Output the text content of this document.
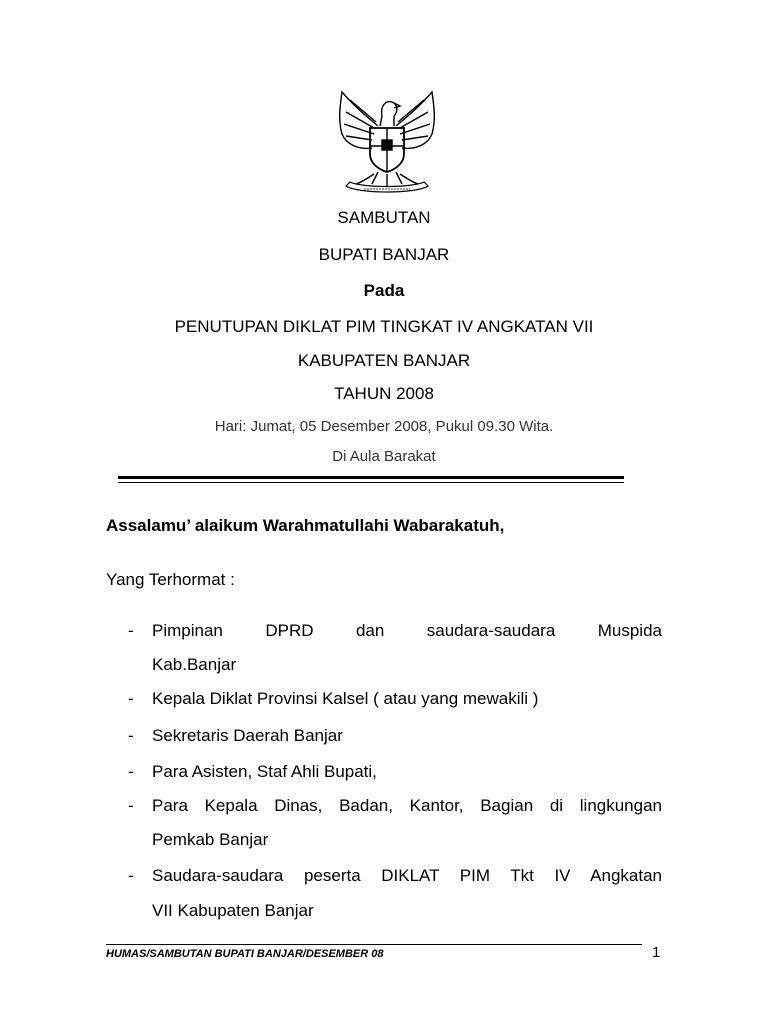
SAMBUTAN
BUPATI BANJAR
Pada
PENUTUPAN DIKLAT PIM TINGKAT IV ANGKATAN VII
KABUPATEN BANJAR
TAHUN 2008
Hari: Jumat, 05 Desember 2008, Pukul 09.30 Wita.
Di Aula Barakat
Assalamu’ alaikum Warahmatullahi Wabarakatuh,
Yang Terhormat :
- Pimpinan DPRD dan saudara-saudara Muspida
Kab.Banjar
- Kepala Diklat Provinsi Kalsel ( atau yang mewakili )
- Sekretaris Daerah Banjar
- Para Asisten, Staf Ahli Bupati,
- Para Kepala Dinas, Badan, Kantor, Bagian di lingkungan
Pemkab Banjar
- Saudara-saudara peserta DIKLAT PIM Tkt IV Angkatan
VII Kabupaten Banjar
HUMAS/SAMBUTAN BUPATI BANJAR/DESEMBER 08	1
